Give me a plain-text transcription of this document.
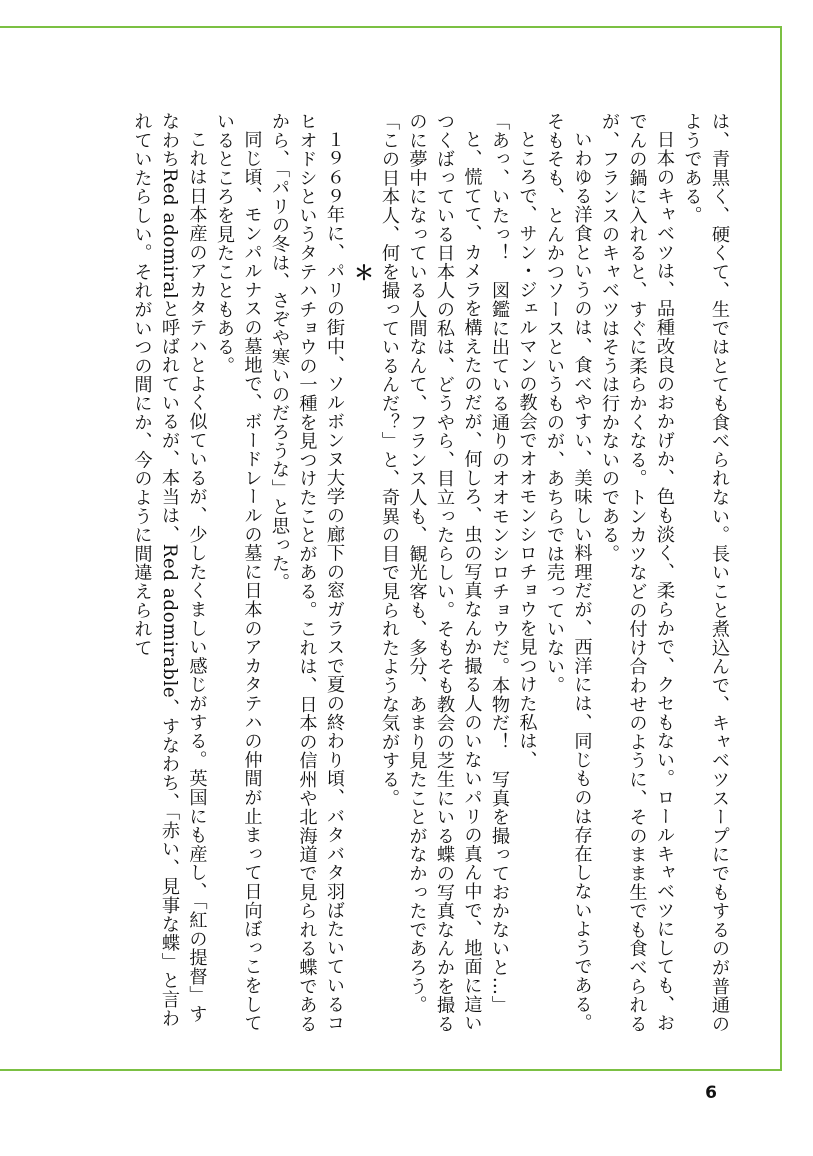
は、青黒く、硬くて、生ではとても食べられない。長いこと煮込んで、キャベツスープにでもするのが普通のようである。

日本のキャベツは、品種改良のおかげか、色も淡く、柔らかで、クセもない。ロールキャベツにしても、おでんの鍋に入れると、すぐに柔らかくなる。トンカツなどの付け合わせのように、そのまま生でも食べられるが、フランスのキャベツはそうは行かないのである。

いわゆる洋食というのは、食べやすい、美味しい料理だが、西洋には、同じものは存在しないようである。そもそも、とんかつソースというものが、あちらでは売っていない。

ところで、サン・ジェルマンの教会でオオモンシロチョウを見つけた私は、

「あっ、いたっ！　図鑑に出ている通りのオオモンシロチョウだ。本物だ！　写真を撮っておかないと…」

と、慌てて、カメラを構えたのだが、何しろ、虫の写真なんか撮る人のいないパリの真ん中で、地面に這いつくばっている日本人の私は、どうやら、目立ったらしい。そもそも教会の芝生にいる蝶の写真なんかを撮るのに夢中になっている人間なんて、フランス人も、観光客も、多分、あまり見たことがなかったであろう。「この日本人、何を撮っているんだ？」と、奇異の目で見られたような気がする。

＊

１９６９年に、パリの街中、ソルボンヌ大学の廊下の窓ガラスで夏の終わり頃、バタバタ羽ばたいているコヒオドシというタテハチョウの一種を見つけたことがある。これは、日本の信州や北海道で見られる蝶であるから、「パリの冬は、さぞや寒いのだろうな」と思った。

同じ頃、モンパルナスの墓地で、ボードレールの墓に日本のアカタテハの仲間が止まって日向ぼっこをしているところを見たこともある。

これは日本産のアカタテハとよく似ているが、少したくましい感じがする。英国にも産し、「紅の提督」すなわちRed adomiralと呼ばれているが、本当は、Red adomirable、すなわち、「赤い、見事な蝶」と言われていたらしい。それがいつの間にか、今のように間違えられて

6
